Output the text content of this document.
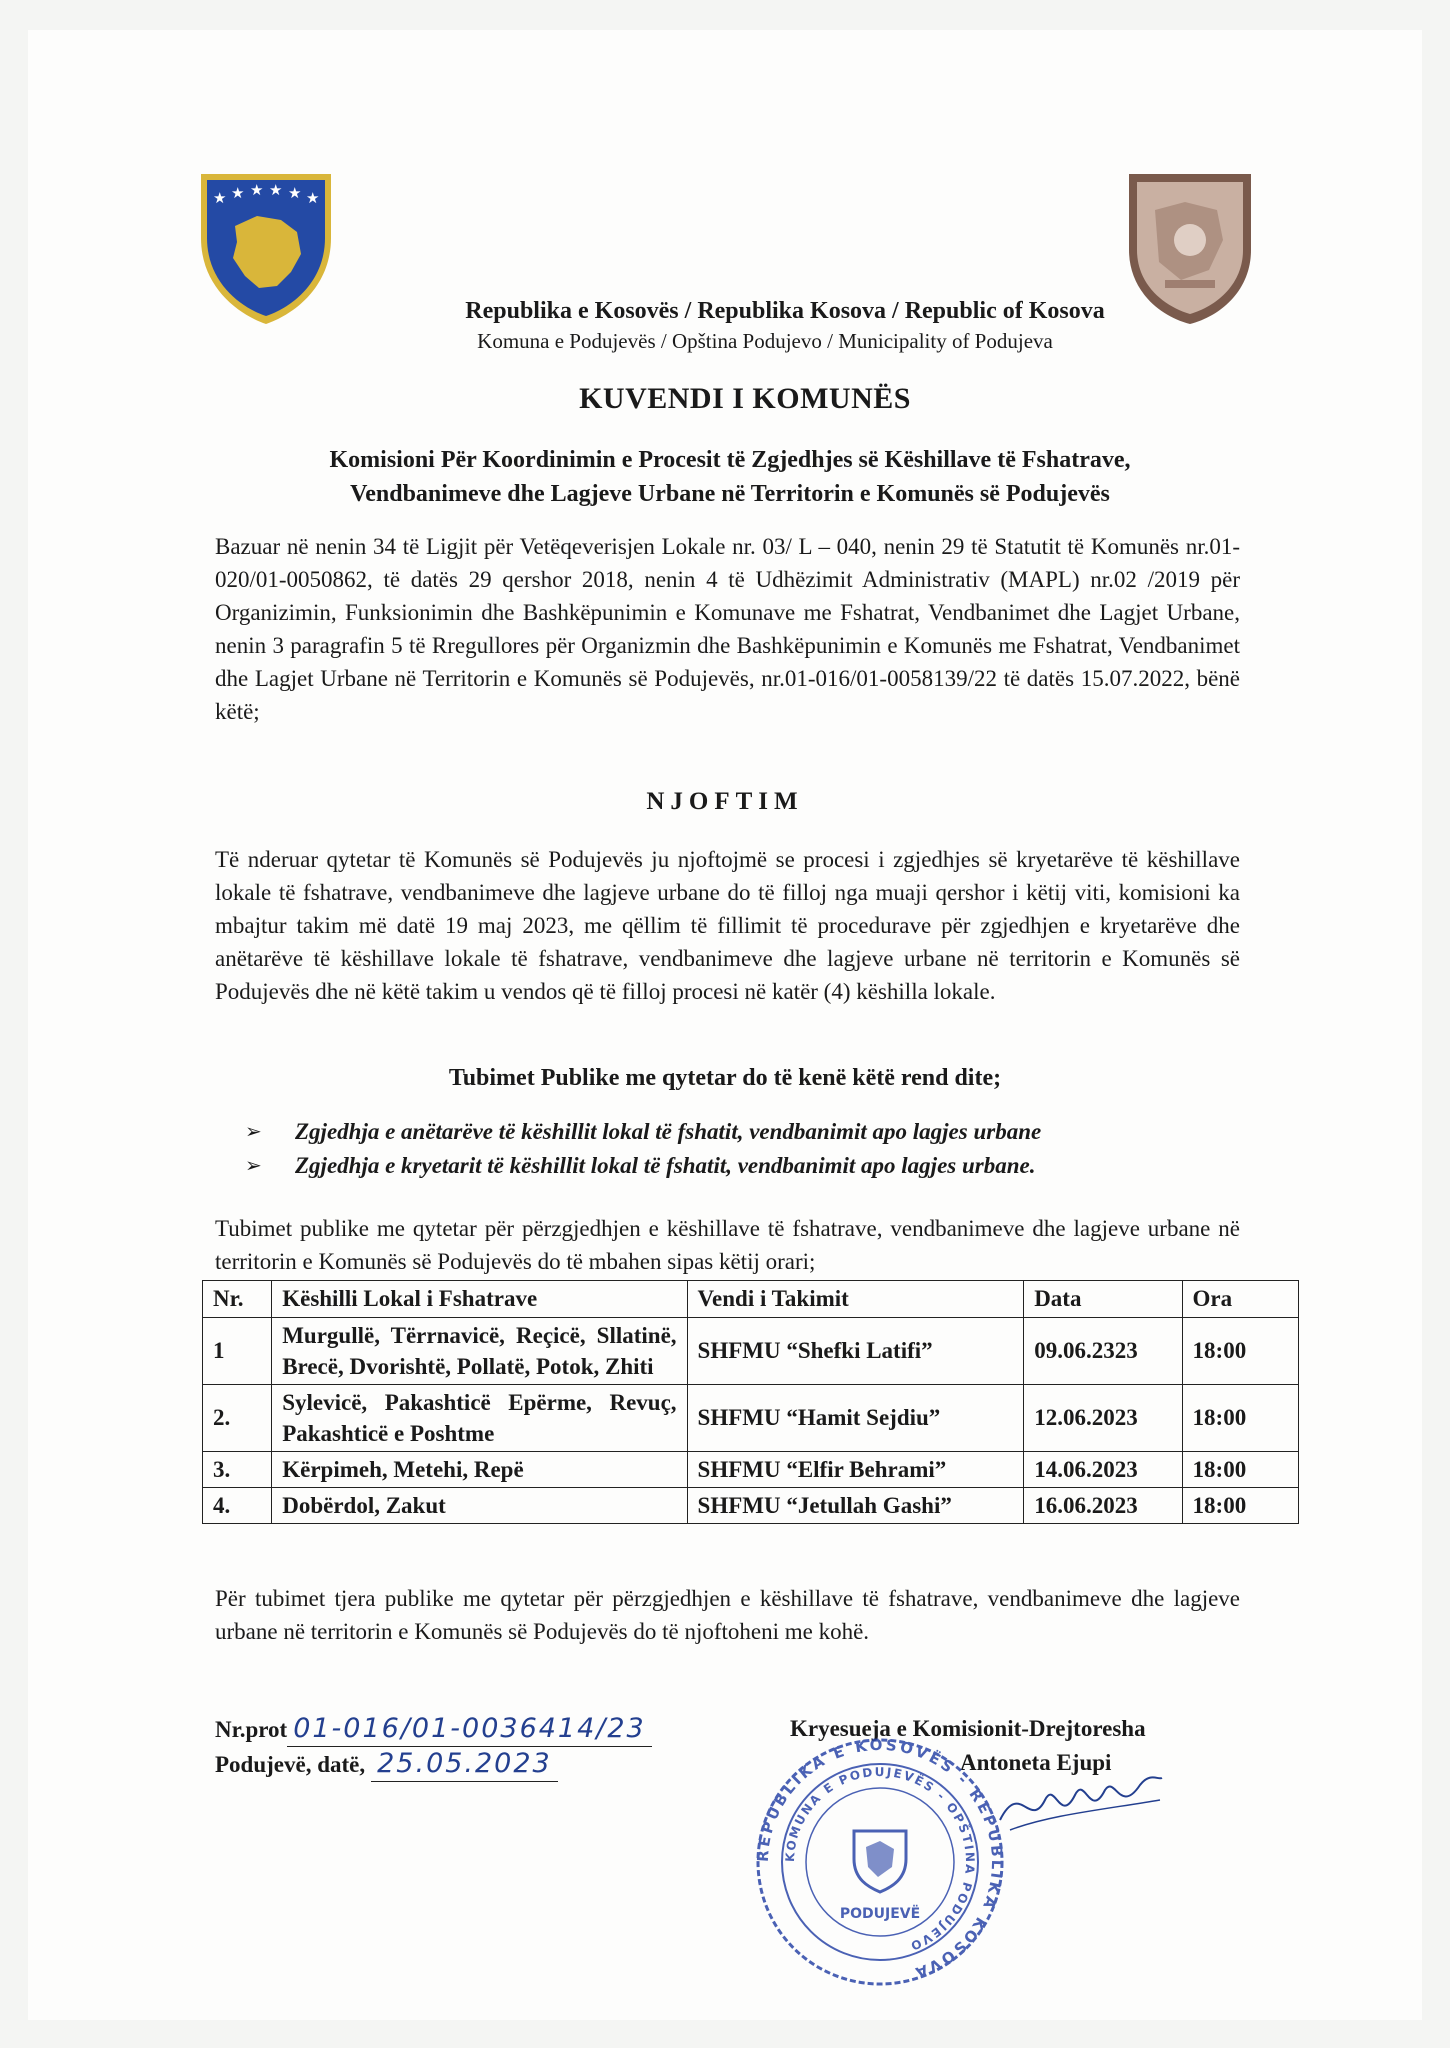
★ ★ ★ ★ ★ ★
Republika e Kosovës / Republika Kosova / Republic of Kosova
Komuna e Podujevës / Opština Podujevo / Municipality of Podujeva
KUVENDI I KOMUNËS
Komisioni Për Koordinimin e Procesit të Zgjedhjes së Këshillave të Fshatrave,
Vendbanimeve dhe Lagjeve Urbane në Territorin e Komunës së Podujevës
Bazuar në nenin 34 të Ligjit për Vetëqeverisjen Lokale nr. 03/ L – 040, nenin 29 të Statutit të Komunës nr.01-020/01-0050862, të datës 29 qershor 2018, nenin 4 të Udhëzimit Administrativ (MAPL) nr.02 /2019 për Organizimin, Funksionimin dhe Bashkëpunimin e Komunave me Fshatrat, Vendbanimet dhe Lagjet Urbane, nenin 3 paragrafin 5 të Rregullores për Organizmin dhe Bashkëpunimin e Komunës me Fshatrat, Vendbanimet dhe Lagjet Urbane në Territorin e Komunës së Podujevës, nr.01-016/01-0058139/22 të datës 15.07.2022, bënë këtë;
NJOFTIM
Të nderuar qytetar të Komunës së Podujevës ju njoftojmë se procesi i zgjedhjes së kryetarëve të këshillave lokale të fshatrave, vendbanimeve dhe lagjeve urbane do të filloj nga muaji qershor i këtij viti, komisioni ka mbajtur takim më datë 19 maj 2023, me qëllim të fillimit të procedurave për zgjedhjen e kryetarëve dhe anëtarëve të këshillave lokale të fshatrave, vendbanimeve dhe lagjeve urbane në territorin e Komunës së Podujevës dhe në këtë takim u vendos që të filloj procesi në katër (4) këshilla lokale.
Tubimet Publike me qytetar do të kenë këtë rend dite;
➢	Zgjedhja e anëtarëve të këshillit lokal të fshatit, vendbanimit apo lagjes urbane
➢	Zgjedhja e kryetarit të këshillit lokal të fshatit, vendbanimit apo lagjes urbane.
Tubimet publike me qytetar për përzgjedhjen e këshillave të fshatrave, vendbanimeve dhe lagjeve urbane në territorin e Komunës së Podujevës do të mbahen sipas këtij orari;
Nr.	Këshilli Lokal i Fshatrave	Vendi i Takimit	Data	Ora
1	Murgullë, Tërrnavicë, Reçicë, Sllatinë, Brecë, Dvorishtë, Pollatë, Potok, Zhiti	SHFMU “Shefki Latifi”	09.06.2323	18:00
2.	Sylevicë, Pakashticë Epërme, Revuç, Pakashticë e Poshtme	SHFMU “Hamit Sejdiu”	12.06.2023	18:00
3.	Kërpimeh, Metehi, Repë	SHFMU “Elfir Behrami”	14.06.2023	18:00
4.	Dobërdol, Zakut	SHFMU “Jetullah Gashi”	16.06.2023	18:00
Për tubimet tjera publike me qytetar për përzgjedhjen e këshillave të fshatrave, vendbanimeve dhe lagjeve urbane në territorin e Komunës së Podujevës do të njoftoheni me kohë.
Nr.prot 01-016/01-0036414/23
Podujevë, datë, 25.05.2023
Kryesueja e Komisionit-Drejtoresha
Antoneta Ejupi
REPUBLIKA E KOSOVËS - REPUBLIKA KOSOVA
KOMUNA E PODUJEVËS - OPŠTINA PODUJEVO
PODUJEVË
